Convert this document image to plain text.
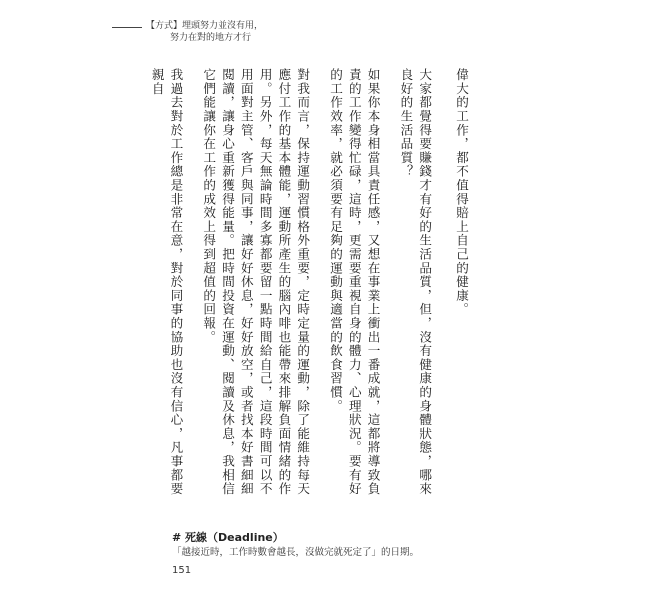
【方式】埋頭努力並沒有用，
努力在對的地方才行

偉大的工作，都不值得賠上自己的健康。

大家都覺得要賺錢才有好的生活品質，但，沒有健康的身體狀態，哪來良好的生活品質？

如果你本身相當具責任感，又想在事業上衝出一番成就，這都將導致負責的工作變得忙碌，這時，更需要重視自身的體力、心理狀況。要有好的工作效率，就必須要有足夠的運動與適當的飲食習慣。

對我而言，保持運動習慣格外重要，定時定量的運動，除了能維持每天應付工作的基本體能，運動所產生的腦內啡也能帶來排解負面情緒的作用。另外，每天無論時間多寡都要留一點時間給自己，這段時間可以不用面對主管、客戶與同事，讓好好休息，好好放空，或者找本好書細細閱讀，讓身心重新獲得能量。把時間投資在運動、閱讀及休息，我相信它們能讓你在工作的成效上得到超值的回報。

我過去對於工作總是非常在意，對於同事的協助也沒有信心，凡事都要親自

# 死線（Deadline）
「越接近時，工作時數會越長，沒做完就死定了」的日期。
151
